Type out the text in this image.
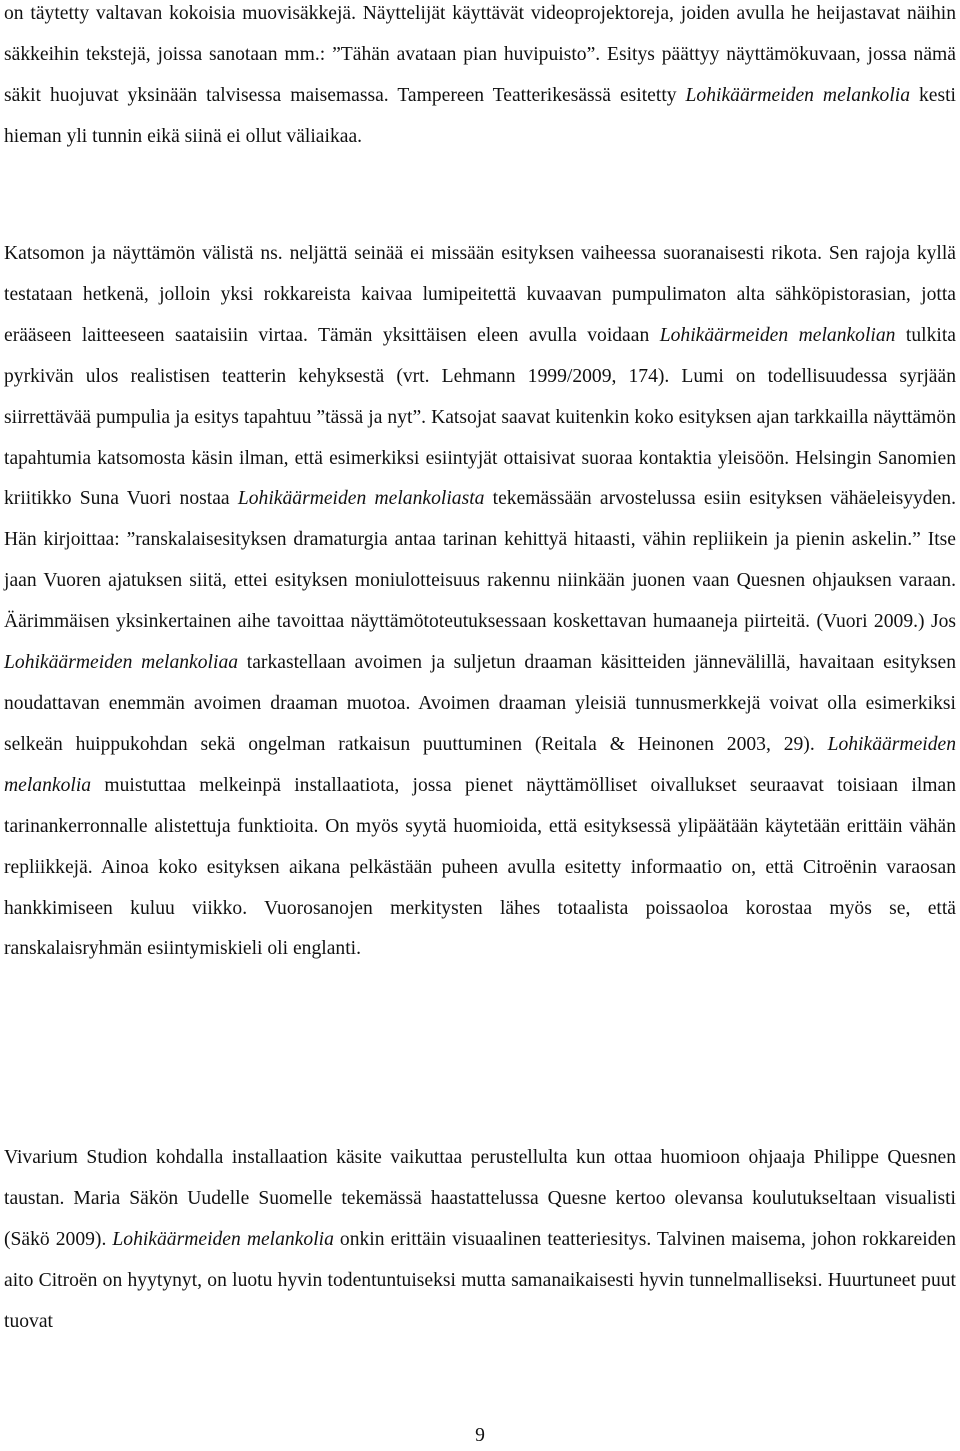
on täytetty valtavan kokoisia muovisäkkejä. Näyttelijät käyttävät videoprojektoreja, joiden avulla he heijastavat näihin säkkeihin tekstejä, joissa sanotaan mm.: ”Tähän avataan pian huvipuisto”. Esitys päättyy näyttämökuvaan, jossa nämä säkit huojuvat yksinään talvisessa maisemassa. Tampereen Teatterikesässä esitetty Lohikäärmeiden melankolia kesti hieman yli tunnin eikä siinä ei ollut väliaikaa.

Katsomon ja näyttämön välistä ns. neljättä seinää ei missään esityksen vaiheessa suoranaisesti rikota. Sen rajoja kyllä testataan hetkenä, jolloin yksi rokkareista kaivaa lumipeitettä kuvaavan pumpulimaton alta sähköpistorasian, jotta erääseen laitteeseen saataisiin virtaa. Tämän yksittäisen eleen avulla voidaan Lohikäärmeiden melankolian tulkita pyrkivän ulos realistisen teatterin kehyksestä (vrt. Lehmann 1999/2009, 174). Lumi on todellisuudessa syrjään siirrettävää pumpulia ja esitys tapahtuu ”tässä ja nyt”. Katsojat saavat kuitenkin koko esityksen ajan tarkkailla näyttämön tapahtumia katsomosta käsin ilman, että esimerkiksi esiintyjät ottaisivat suoraa kontaktia yleisöön. Helsingin Sanomien kriitikko Suna Vuori nostaa Lohikäärmeiden melankoliasta tekemässään arvostelussa esiin esityksen vähäeleisyyden. Hän kirjoittaa: ”ranskalaisesityksen dramaturgia antaa tarinan kehittyä hitaasti, vähin repliikein ja pienin askelin.” Itse jaan Vuoren ajatuksen siitä, ettei esityksen moniulotteisuus rakennu niinkään juonen vaan Quesnen ohjauksen varaan. Äärimmäisen yksinkertainen aihe tavoittaa näyttämötoteutuksessaan koskettavan humaaneja piirteitä. (Vuori 2009.) Jos Lohikäärmeiden melankoliaa tarkastellaan avoimen ja suljetun draaman käsitteiden jännevälillä, havaitaan esityksen noudattavan enemmän avoimen draaman muotoa. Avoimen draaman yleisiä tunnusmerkkejä voivat olla esimerkiksi selkeän huippukohdan sekä ongelman ratkaisun puuttuminen (Reitala & Heinonen 2003, 29). Lohikäärmeiden melankolia muistuttaa melkeinpä installaatiota, jossa pienet näyttämölliset oivallukset seuraavat toisiaan ilman tarinankerronnalle alistettuja funktioita. On myös syytä huomioida, että esityksessä ylipäätään käytetään erittäin vähän repliikkejä. Ainoa koko esityksen aikana pelkästään puheen avulla esitetty informaatio on, että Citroënin varaosan hankkimiseen kuluu viikko. Vuorosanojen merkitysten lähes totaalista poissaoloa korostaa myös se, että ranskalaisryhmän esiintymiskieli oli englanti.

Vivarium Studion kohdalla installaation käsite vaikuttaa perustellulta kun ottaa huomioon ohjaaja Philippe Quesnen taustan. Maria Säkön Uudelle Suomelle tekemässä haastattelussa Quesne kertoo olevansa koulutukseltaan visualisti (Säkö 2009). Lohikäärmeiden melankolia onkin erittäin visuaalinen teatteriesitys. Talvinen maisema, johon rokkareiden aito Citroën on hyytynyt, on luotu hyvin todentuntuiseksi mutta samanaikaisesti hyvin tunnelmalliseksi. Huurtuneet puut tuovat

9
